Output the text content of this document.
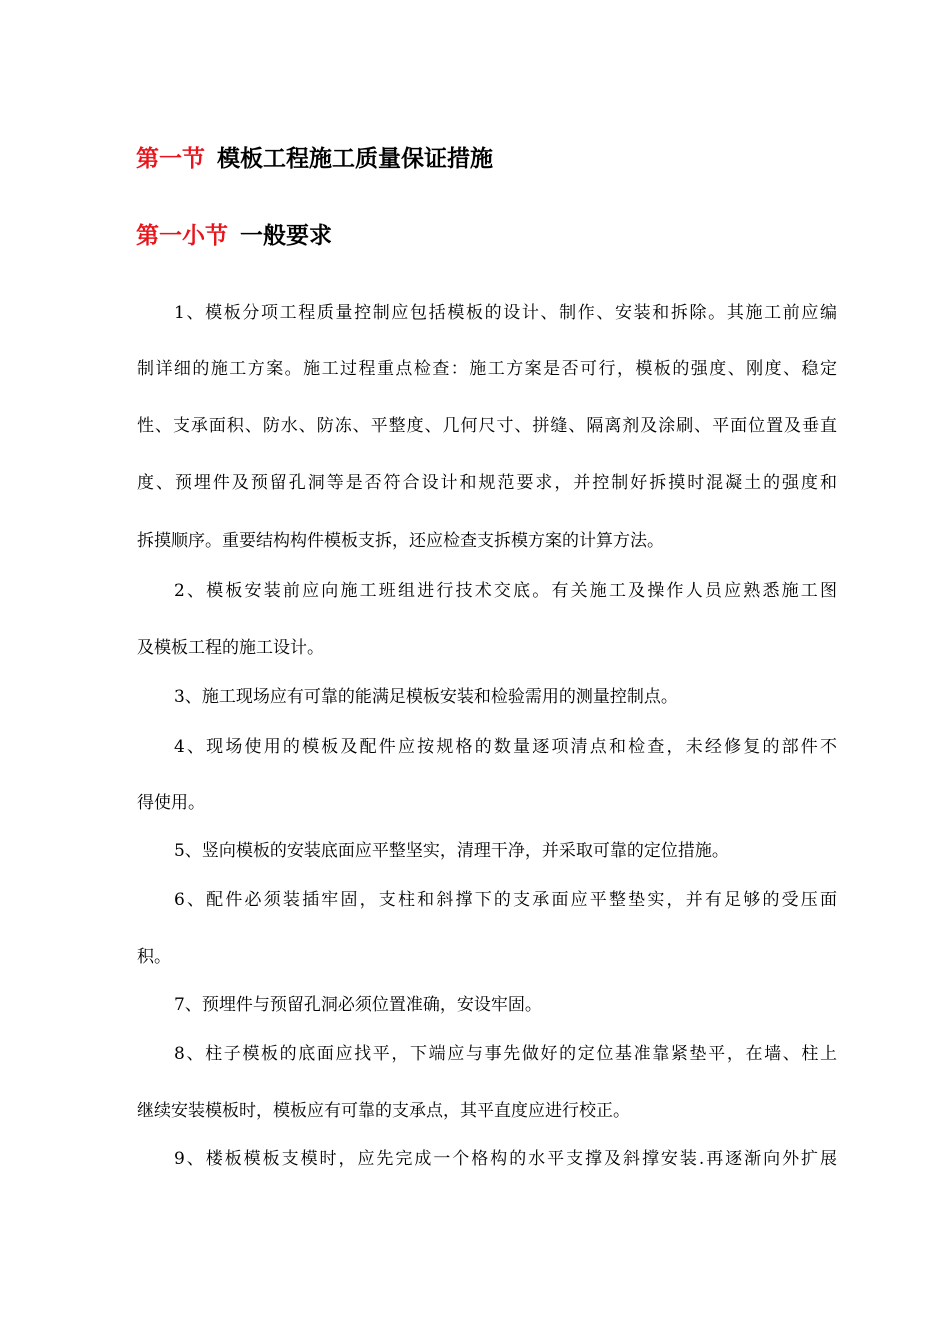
第一节 模板工程施工质量保证措施
第一小节 一般要求

1、模板分项工程质量控制应包括模板的设计、制作、安装和拆除。其施工前应编

制详细的施工方案。施工过程重点检查：施工方案是否可行，模板的强度、刚度、稳定

性、支承面积、防水、防冻、平整度、几何尺寸、拼缝、隔离剂及涂刷、平面位置及垂直

度、预埋件及预留孔洞等是否符合设计和规范要求，并控制好拆摸时混凝土的强度和

拆摸顺序。重要结构构件模板支拆，还应检查支拆模方案的计算方法。

2、模板安装前应向施工班组进行技术交底。有关施工及操作人员应熟悉施工图

及模板工程的施工设计。

3、施工现场应有可靠的能满足模板安装和检验需用的测量控制点。

4、现场使用的模板及配件应按规格的数量逐项清点和检查，未经修复的部件不

得使用。

5、竖向模板的安装底面应平整坚实，清理干净，并采取可靠的定位措施。

6、配件必须装插牢固，支柱和斜撑下的支承面应平整垫实，并有足够的受压面

积。

7、预埋件与预留孔洞必须位置准确，安设牢固。

8、柱子模板的底面应找平，下端应与事先做好的定位基准靠紧垫平，在墙、柱上

继续安装模板时，模板应有可靠的支承点，其平直度应进行校正。

9、楼板模板支模时，应先完成一个格构的水平支撑及斜撑安装.再逐渐向外扩展
